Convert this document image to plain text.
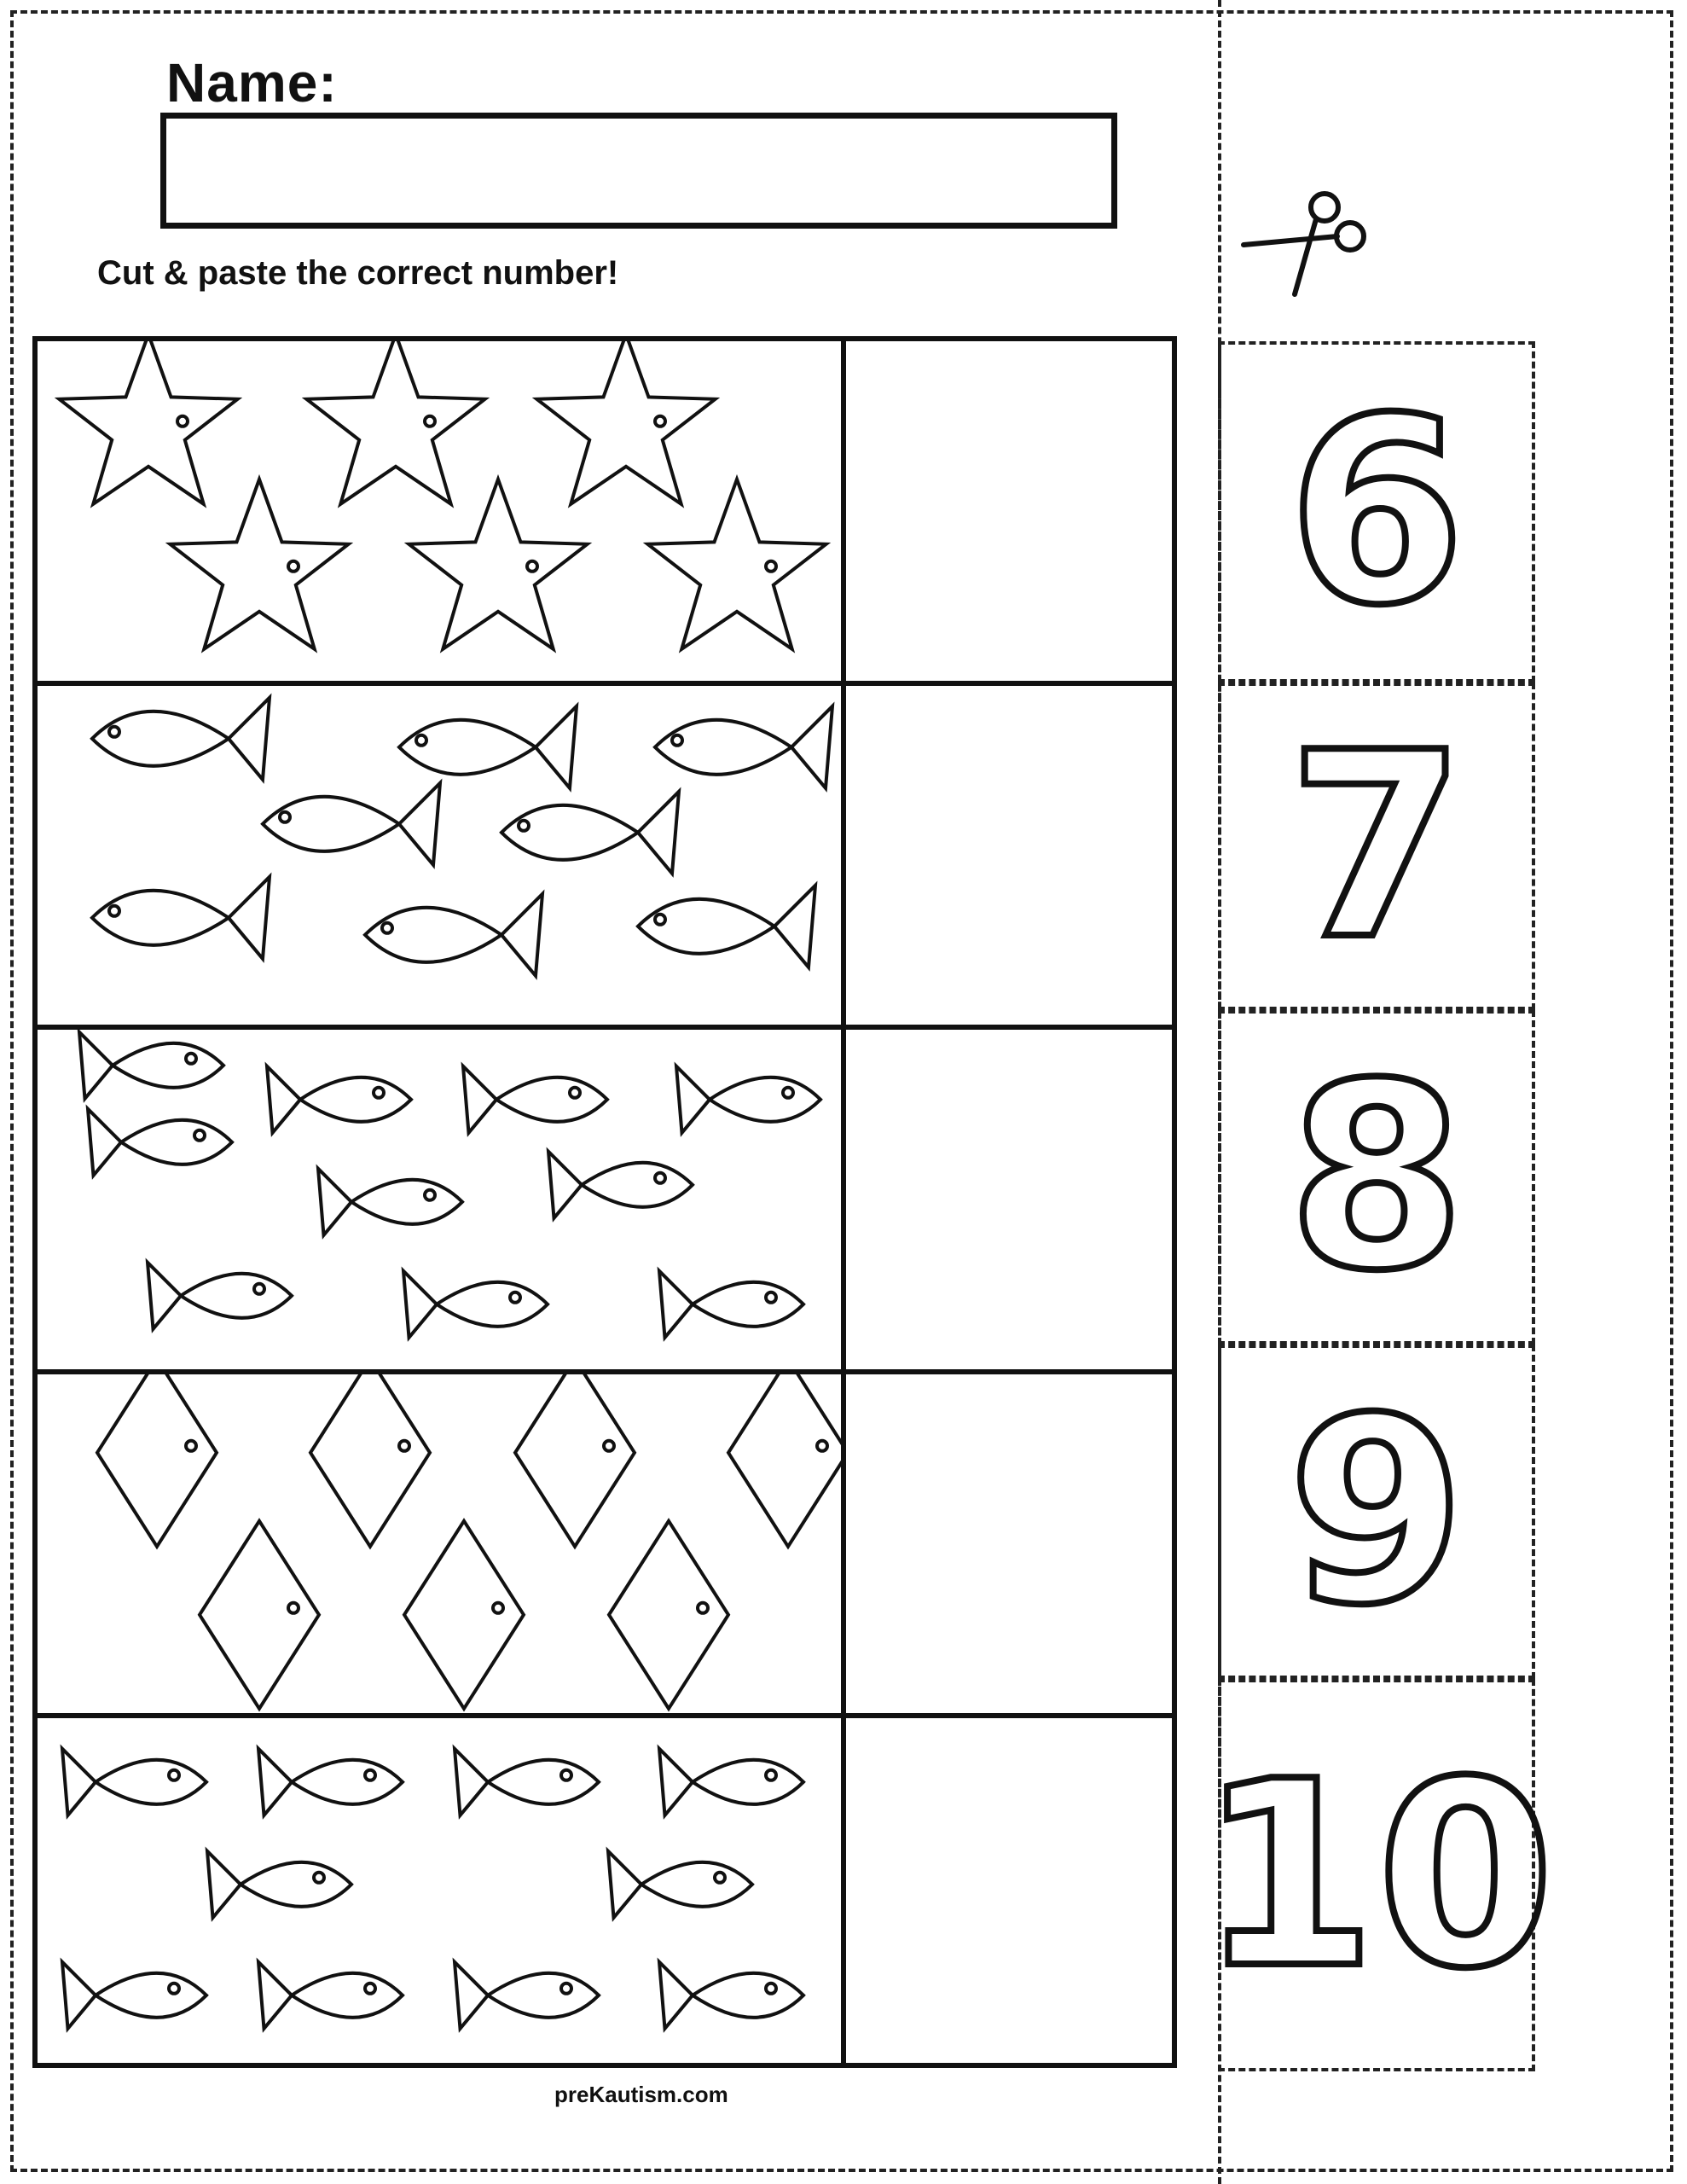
Name:
Cut & paste the correct number!
preKautism.com
6
7
8
9
10
